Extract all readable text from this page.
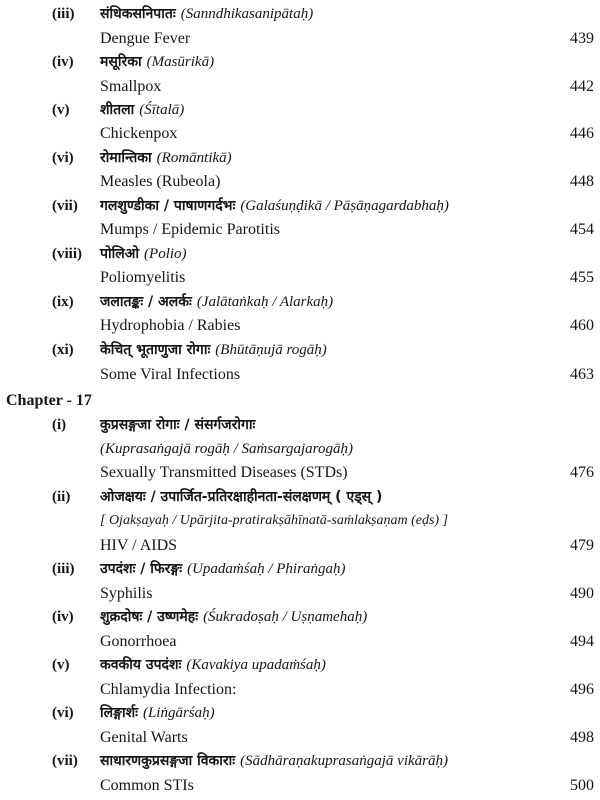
(iii)	संधिकसनिपातः (Sanndhikasanipātaḥ)
Dengue Fever	439
(iv)	मसूरिका (Masūrikā)
Smallpox	442
(v)	शीतला (Śītalā)
Chickenpox	446
(vi)	रोमान्तिका (Romāntikā)
Measles (Rubeola)	448
(vii)	गलशुण्डीका / पाषाणगर्दभः (Galaśuṇḍikā / Pāṣāṇagardabhaḥ)
Mumps / Epidemic Parotitis	454
(viii)	पोलिओ (Polio)
Poliomyelitis	455
(ix)	जलातङ्कः / अलर्कः (Jalātaṅkaḥ / Alarkaḥ)
Hydrophobia / Rabies	460
(xi)	केचित् भूताणुजा रोगाः (Bhūtāṇujā rogāḥ)
Some Viral Infections	463
Chapter - 17
(i)	कुप्रसङ्गजा रोगाः / संसर्गजरोगाः
(Kuprasaṅgajā rogāḥ / Saṁsargajarogāḥ)
Sexually Transmitted Diseases (STDs)	476
(ii)	ओजक्षयः / उपार्जित-प्रतिरक्षाहीनता-संलक्षणम् ( एड्स् )
[ Ojakṣayaḥ / Upārjita-pratirakṣāhīnatā-saṁlakṣaṇam (eḍs) ]
HIV / AIDS	479
(iii)	उपदंशः / फिरङ्गः (Upadaṁśaḥ / Phiraṅgaḥ)
Syphilis	490
(iv)	शुक्रदोषः / उष्णमेहः (Śukradoṣaḥ / Uṣṇamehaḥ)
Gonorrhoea	494
(v)	कवकीय उपदंशः (Kavakiya upadaṁśaḥ)
Chlamydia Infection:	496
(vi)	लिङ्गार्शः (Liṅgārśaḥ)
Genital Warts	498
(vii)	साधारणकुप्रसङ्गजा विकाराः (Sādhāraṇakuprasaṅgajā vikārāḥ)
Common STIs	500
